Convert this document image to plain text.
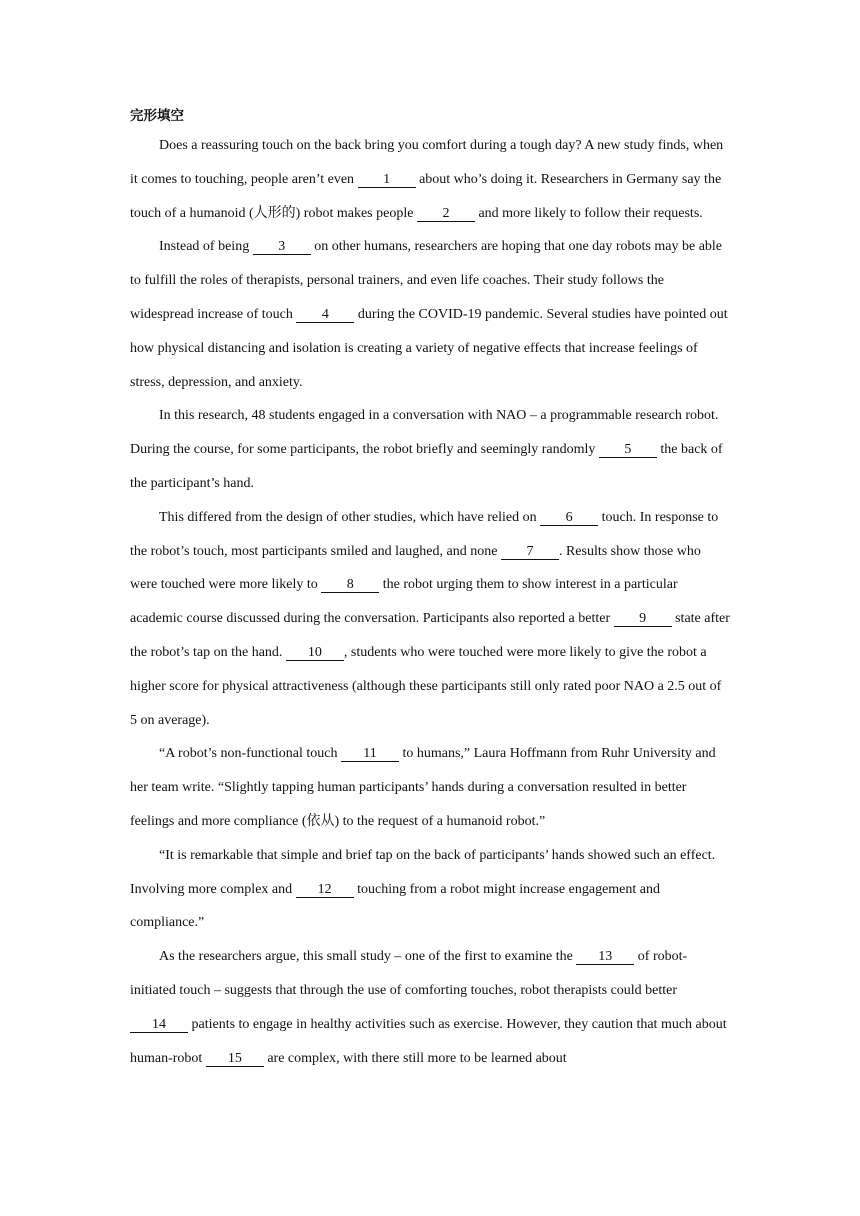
完形填空

Does a reassuring touch on the back bring you comfort during a tough day? A new study finds, when it comes to touching, people aren’t even 1 about who’s doing it. Researchers in Germany say the touch of a humanoid (人形的) robot makes people 2 and more likely to follow their requests.

Instead of being 3 on other humans, researchers are hoping that one day robots may be able to fulfill the roles of therapists, personal trainers, and even life coaches. Their study follows the widespread increase of touch 4 during the COVID-19 pandemic. Several studies have pointed out how physical distancing and isolation is creating a variety of negative effects that increase feelings of stress, depression, and anxiety.

In this research, 48 students engaged in a conversation with NAO – a programmable research robot. During the course, for some participants, the robot briefly and seemingly randomly 5 the back of the participant’s hand.

This differed from the design of other studies, which have relied on 6 touch. In response to the robot’s touch, most participants smiled and laughed, and none 7 . Results show those who were touched were more likely to 8 the robot urging them to show interest in a particular academic course discussed during the conversation. Participants also reported a better 9 state after the robot’s tap on the hand. 10 , students who were touched were more likely to give the robot a higher score for physical attractiveness (although these participants still only rated poor NAO a 2.5 out of 5 on average).

“A robot’s non-functional touch 11 to humans,” Laura Hoffmann from Ruhr University and her team write. “Slightly tapping human participants’ hands during a conversation resulted in better feelings and more compliance (依从) to the request of a humanoid robot.”

“It is remarkable that simple and brief tap on the back of participants’ hands showed such an effect. Involving more complex and 12 touching from a robot might increase engagement and compliance.”

As the researchers argue, this small study – one of the first to examine the 13 of robot-initiated touch – suggests that through the use of comforting touches, robot therapists could better 14 patients to engage in healthy activities such as exercise. However, they caution that much about human-robot 15 are complex, with there still more to be learned about
